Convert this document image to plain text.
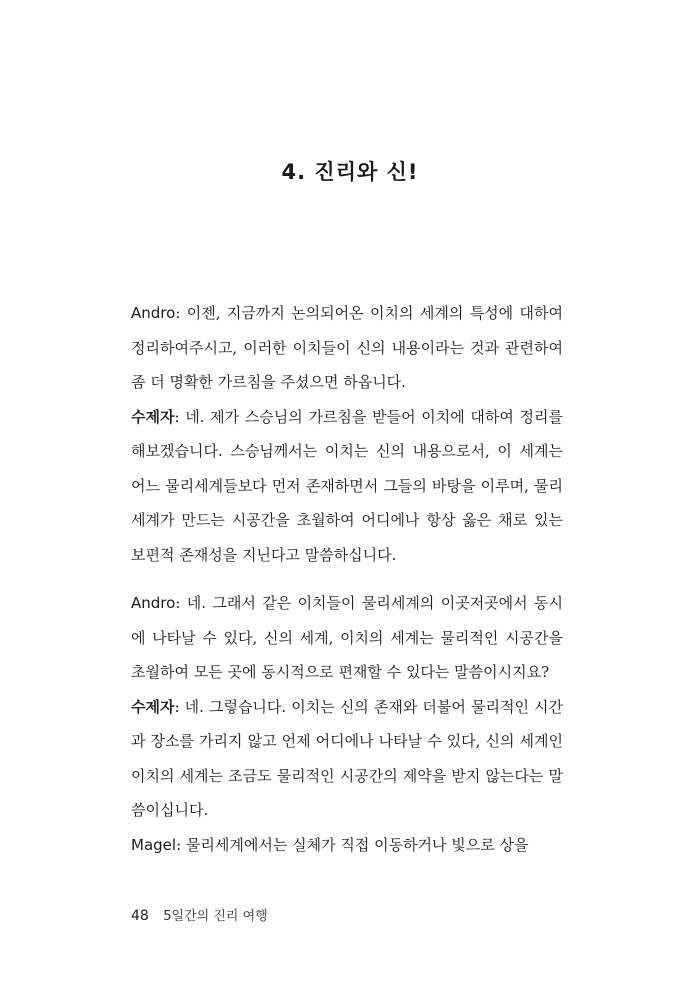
4. 진리와 신!

Andro: 이젠, 지금까지 논의되어온 이치의 세계의 특성에 대하여 정리하여주시고, 이러한 이치들이 신의 내용이라는 것과 관련하여 좀 더 명확한 가르침을 주셨으면 하옵니다.

수제자: 네. 제가 스승님의 가르침을 받들어 이치에 대하여 정리를 해보겠습니다. 스승님께서는 이치는 신의 내용으로서, 이 세계는 어느 물리세계들보다 먼저 존재하면서 그들의 바탕을 이루며, 물리세계가 만드는 시공간을 초월하여 어디에나 항상 옳은 채로 있는 보편적 존재성을 지닌다고 말씀하십니다.

Andro: 네. 그래서 같은 이치들이 물리세계의 이곳저곳에서 동시에 나타날 수 있다, 신의 세계, 이치의 세계는 물리적인 시공간을 초월하여 모든 곳에 동시적으로 편재할 수 있다는 말씀이시지요?

수제자: 네. 그렇습니다. 이치는 신의 존재와 더불어 물리적인 시간과 장소를 가리지 않고 언제 어디에나 나타날 수 있다, 신의 세계인 이치의 세계는 조금도 물리적인 시공간의 제약을 받지 않는다는 말씀이십니다.

Magel: 물리세계에서는 실체가 직접 이동하거나 빛으로 상을

48 5일간의 진리 여행
